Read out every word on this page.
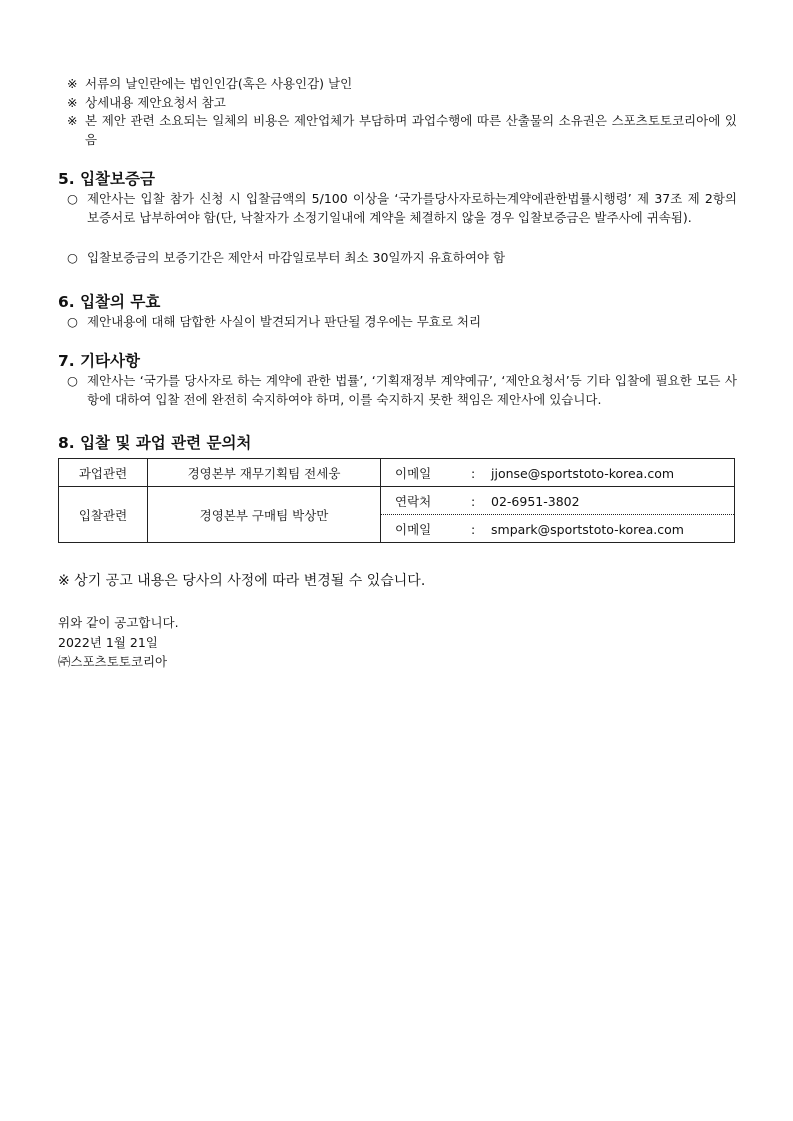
※ 서류의 날인란에는 법인인감(혹은 사용인감) 날인
※ 상세내용 제안요청서 참고
※ 본 제안 관련 소요되는 일체의 비용은 제안업체가 부담하며 과업수행에 따른 산출물의 소유권은 스포츠토토코리아에 있음
5. 입찰보증금
○ 제안사는 입찰 참가 신청 시 입찰금액의 5/100 이상을 ‘국가를당사자로하는계약에관한법률시행령’ 제 37조 제 2항의 보증서로 납부하여야 함(단, 낙찰자가 소정기일내에 계약을 체결하지 않을 경우 입찰보증금은 발주사에 귀속됨).
○ 입찰보증금의 보증기간은 제안서 마감일로부터 최소 30일까지 유효하여야 함
6. 입찰의 무효
○ 제안내용에 대해 담합한 사실이 발견되거나 판단될 경우에는 무효로 처리
7. 기타사항
○ 제안사는 ‘국가를 당사자로 하는 계약에 관한 법률’, ‘기획재정부 계약예규’, ‘제안요청서’등 기타 입찰에 필요한 모든 사항에 대하여 입찰 전에 완전히 숙지하여야 하며, 이를 숙지하지 못한 책임은 제안사에 있습니다.
8. 입찰 및 과업 관련 문의처
과업관련	경영본부 재무기획팀 전세웅	이메일 : jjonse@sportstoto-korea.com
입찰관련	경영본부 구매팀 박상만	연락처 : 02-6951-3802
		이메일 : smpark@sportstoto-korea.com
※ 상기 공고 내용은 당사의 사정에 따라 변경될 수 있습니다.
위와 같이 공고합니다.
2022년 1월 21일
㈜스포츠토토코리아
